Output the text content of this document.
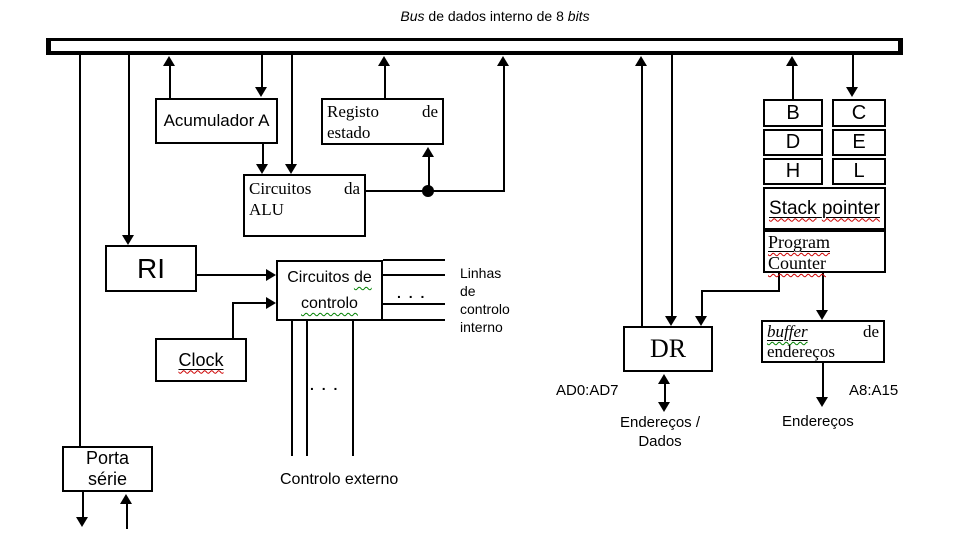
Bus de dados interno de 8 bits
Acumulador A	Registo	de
estado
Circuitos da
ALU
RI	Circuitos de
controlo
Clock
Porta série
B	C
D	E
H	L
Stack pointer
Program
Counter
DR
buffer	de
endereços
Linhas
de
controlo
interno
. . .
. . .
Controlo externo
AD0:AD7
Endereços /
Dados
A8:A15
Endereços
